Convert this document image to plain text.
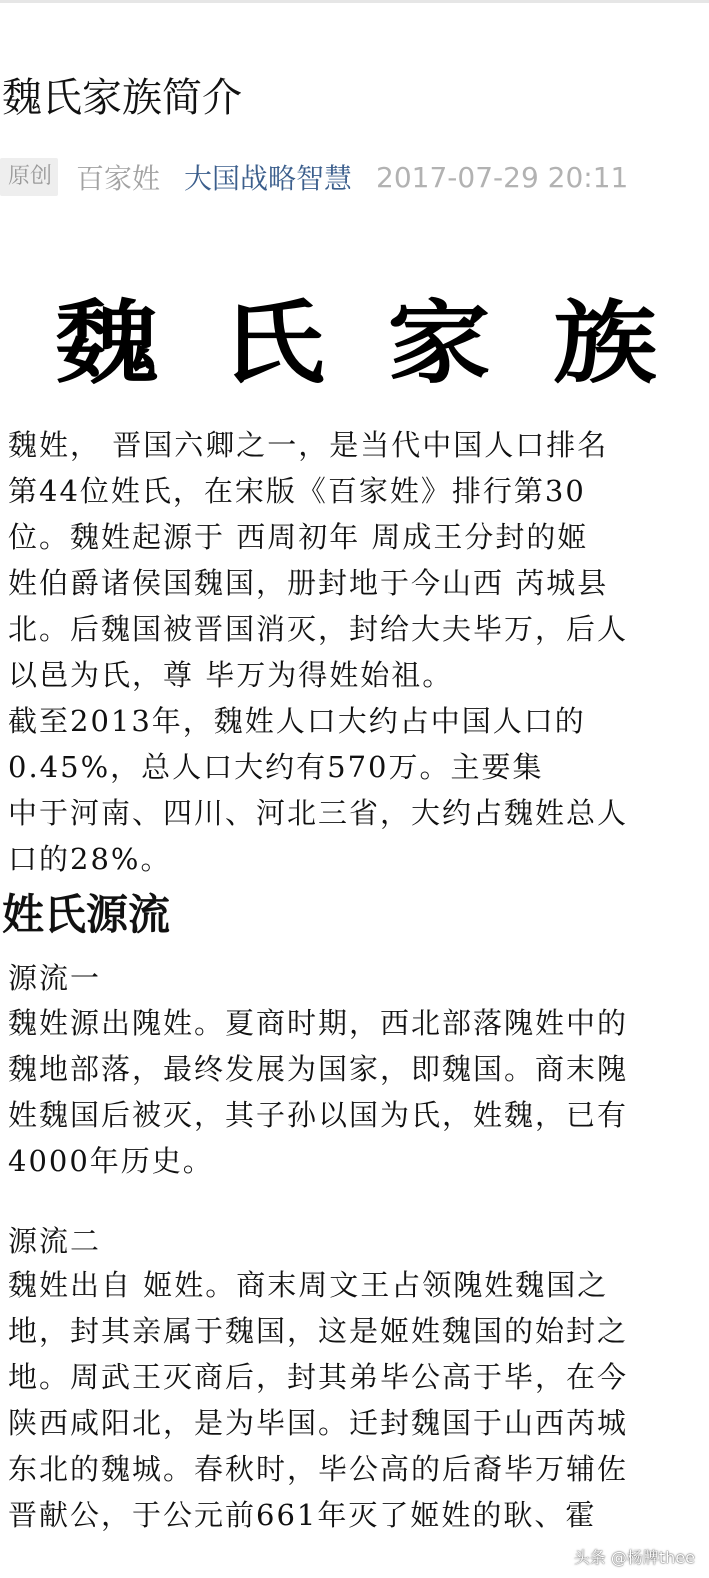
魏氏家族简介
原创 百家姓 大国战略智慧 2017-07-29 20:11
魏 氏 家 族

魏姓， 晋国六卿之一，是当代中国人口排名
第44位姓氏，在宋版《百家姓》排行第30
位。魏姓起源于 西周初年 周成王分封的姬
姓伯爵诸侯国魏国，册封地于今山西 芮城县
北。后魏国被晋国消灭，封给大夫毕万，后人
以邑为氏，尊 毕万为得姓始祖。
截至2013年，魏姓人口大约占中国人口的
0.45%，总人口大约有570万。主要集
中于河南、四川、河北三省，大约占魏姓总人
口的28%。

姓氏源流

源流一

魏姓源出隗姓。夏商时期，西北部落隗姓中的
魏地部落，最终发展为国家，即魏国。商末隗
姓魏国后被灭，其子孙以国为氏，姓魏，已有
4000年历史。

源流二

魏姓出自 姬姓。商末周文王占领隗姓魏国之
地，封其亲属于魏国，这是姬姓魏国的始封之
地。周武王灭商后，封其弟毕公高于毕，在今
陕西咸阳北，是为毕国。迁封魏国于山西芮城
东北的魏城。春秋时，毕公高的后裔毕万辅佐
晋献公，于公元前661年灭了姬姓的耿、霍

头条 @杨牌thee
